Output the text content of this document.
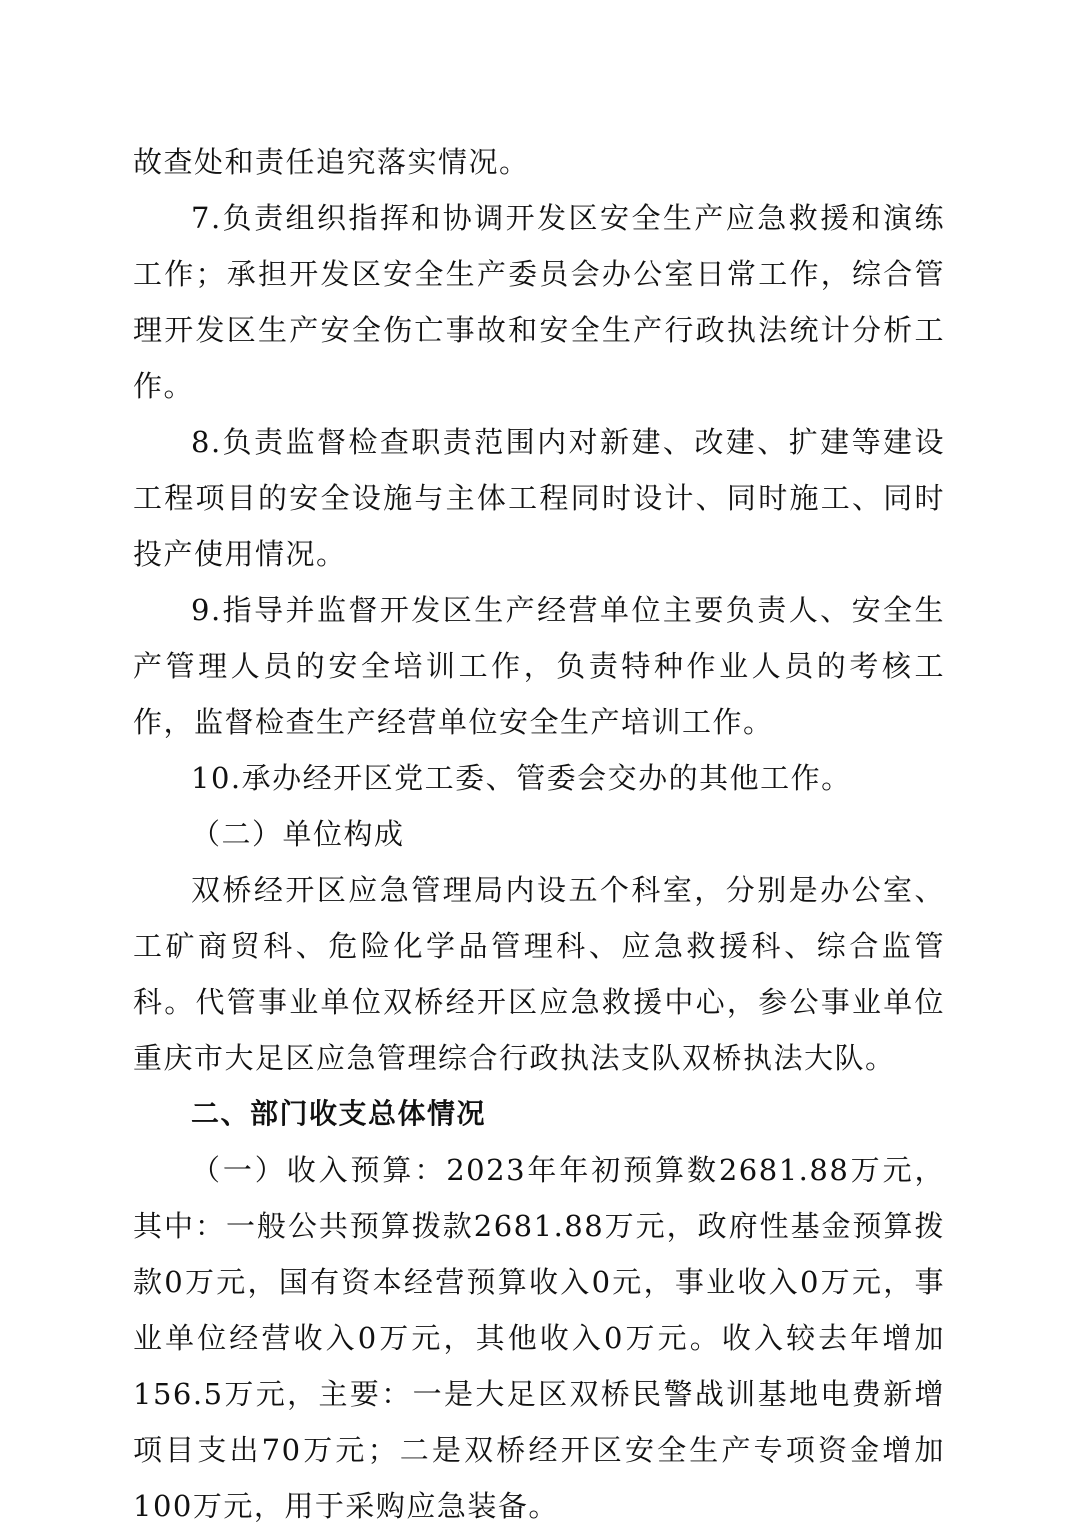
故查处和责任追究落实情况。

7.负责组织指挥和协调开发区安全生产应急救援和演练工作；承担开发区安全生产委员会办公室日常工作，综合管理开发区生产安全伤亡事故和安全生产行政执法统计分析工作。

8.负责监督检查职责范围内对新建、改建、扩建等建设工程项目的安全设施与主体工程同时设计、同时施工、同时投产使用情况。

9.指导并监督开发区生产经营单位主要负责人、安全生产管理人员的安全培训工作，负责特种作业人员的考核工作，监督检查生产经营单位安全生产培训工作。

10.承办经开区党工委、管委会交办的其他工作。

（二）单位构成

双桥经开区应急管理局内设五个科室，分别是办公室、工矿商贸科、危险化学品管理科、应急救援科、综合监管科。代管事业单位双桥经开区应急救援中心，参公事业单位重庆市大足区应急管理综合行政执法支队双桥执法大队。

二、部门收支总体情况

（一）收入预算：2023年年初预算数2681.88万元，其中：一般公共预算拨款2681.88万元，政府性基金预算拨款0万元，国有资本经营预算收入0元，事业收入0万元，事业单位经营收入0万元，其他收入0万元。收入较去年增加156.5万元，主要：一是大足区双桥民警战训基地电费新增项目支出70万元；二是双桥经开区安全生产专项资金增加100万元，用于采购应急装备。
